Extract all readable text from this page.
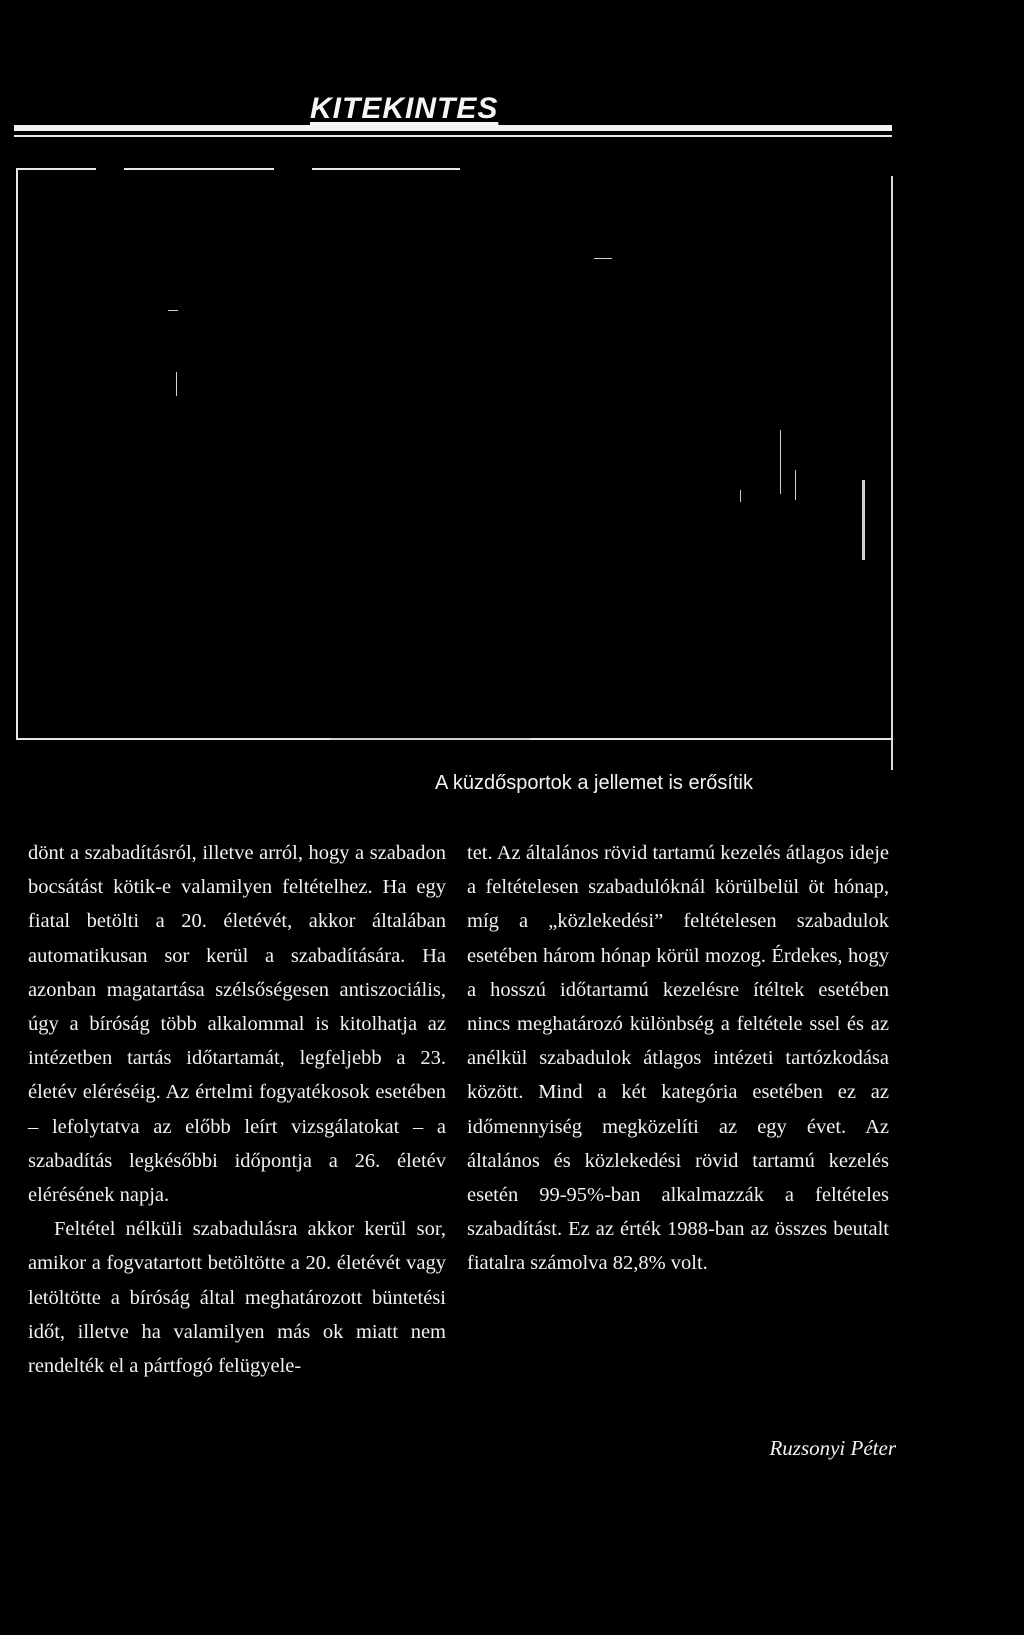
KITEKINTES
A küzdősportok a jellemet is erősítik

dönt a szabadításról, illetve arról, hogy a szabadon bocsátást kötik-e valamilyen feltételhez. Ha egy fiatal betölti a 20. életévét, akkor általában automatikusan sor kerül a szabadítására. Ha azonban magatartása szélsőségesen antiszociális, úgy a bíróság több alkalommal is kitolhatja az intézetben tartás időtartamát, legfeljebb a 23. életév eléréséig. Az értelmi fogyatékosok esetében – lefolytatva az előbb leírt vizsgálatokat – a szabadítás legkésőbbi időpontja a 26. életév elérésének napja.

Feltétel nélküli szabadulásra akkor kerül sor, amikor a fogvatartott betöltötte a 20. életévét vagy letöltötte a bíróság által meghatározott büntetési időt, illetve ha valamilyen más ok miatt nem rendelték el a pártfogó felügyele-

tet. Az általános rövid tartamú kezelés átlagos ideje a feltételesen szabadulóknál körülbelül öt hónap, míg a „közlekedési” feltételesen szabadulok esetében három hónap körül mozog. Érdekes, hogy a hosszú időtartamú kezelésre ítéltek esetében nincs meghatározó különbség a feltétele ssel és az anélkül szabadulok átlagos intézeti tartózkodása között. Mind a két kategória esetében ez az időmennyiség megközelíti az egy évet. Az általános és közlekedési rövid tartamú kezelés esetén 99-95%-ban alkalmazzák a feltételes szabadítást. Ez az érték 1988-ban az összes beutalt fiatalra számolva 82,8% volt.

Ruzsonyi Péter
